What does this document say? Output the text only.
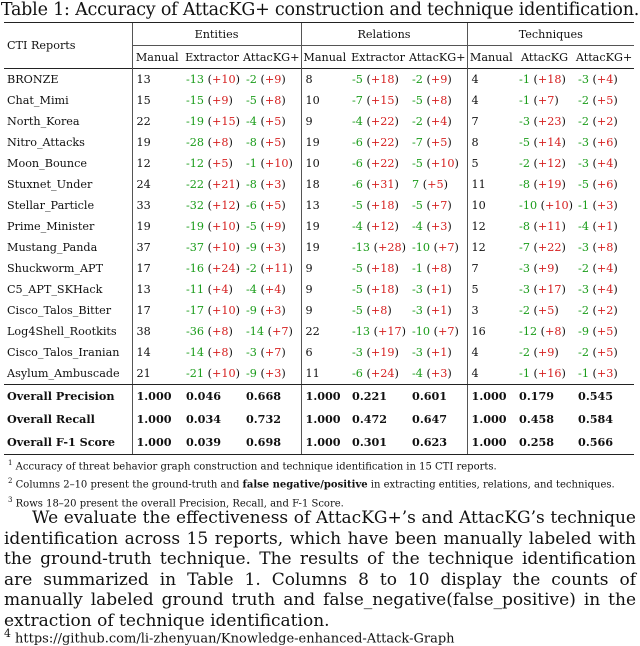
Table 1: Accuracy of AttacKG+ construction and technique identification.
CTI Reports	Entities			Relations			Techniques		
	Manual	Extractor	AttacKG+	Manual	Extractor	AttacKG+	Manual	AttacKG	AttacKG+
BRONZE	13	-13 (+10)	-2 (+9)	8	-5 (+18)	-2 (+9)	4	-1 (+18)	-3 (+4)
Chat_Mimi	15	-15 (+9)	-5 (+8)	10	-7 (+15)	-5 (+8)	4	-1 (+7)	-2 (+5)
North_Korea	22	-19 (+15)	-4 (+5)	9	-4 (+22)	-2 (+4)	7	-3 (+23)	-2 (+2)
Nitro_Attacks	19	-28 (+8)	-8 (+5)	19	-6 (+22)	-7 (+5)	8	-5 (+14)	-3 (+6)
Moon_Bounce	12	-12 (+5)	-1 (+10)	10	-6 (+22)	-5 (+10)	5	-2 (+12)	-3 (+4)
Stuxnet_Under	24	-22 (+21)	-8 (+3)	18	-6 (+31)	7 (+5)	11	-8 (+19)	-5 (+6)
Stellar_Particle	33	-32 (+12)	-6 (+5)	13	-5 (+18)	-5 (+7)	10	-10 (+10)	-1 (+3)
Prime_Minister	19	-19 (+10)	-5 (+9)	19	-4 (+12)	-4 (+3)	12	-8 (+11)	-4 (+1)
Mustang_Panda	37	-37 (+10)	-9 (+3)	19	-13 (+28)	-10 (+7)	12	-7 (+22)	-3 (+8)
Shuckworm_APT	17	-16 (+24)	-2 (+11)	9	-5 (+18)	-1 (+8)	7	-3 (+9)	-2 (+4)
C5_APT_SKHack	13	-11 (+4)	-4 (+4)	9	-5 (+18)	-3 (+1)	5	-3 (+17)	-3 (+4)
Cisco_Talos_Bitter	17	-17 (+10)	-9 (+3)	9	-5 (+8)	-3 (+1)	3	-2 (+5)	-2 (+2)
Log4Shell_Rootkits	38	-36 (+8)	-14 (+7)	22	-13 (+17)	-10 (+7)	16	-12 (+8)	-9 (+5)
Cisco_Talos_Iranian	14	-14 (+8)	-3 (+7)	6	-3 (+19)	-3 (+1)	4	-2 (+9)	-2 (+5)
Asylum_Ambuscade	21	-21 (+10)	-9 (+3)	11	-6 (+24)	-4 (+3)	4	-1 (+16)	-1 (+3)
Overall Precision	1.000	0.046	0.668	1.000	0.221	0.601	1.000	0.179	0.545
Overall Recall	1.000	0.034	0.732	1.000	0.472	0.647	1.000	0.458	0.584
Overall F-1 Score	1.000	0.039	0.698	1.000	0.301	0.623	1.000	0.258	0.566
$^1$ Accuracy of threat behavior graph construction and technique identification in 15 CTI reports.
$^2$ Columns 2–10 present the ground-truth and false negative/positive in extracting entities, relations, and techniques.
$^3$ Rows 18–20 present the overall Precision, Recall, and F-1 Score.

We evaluate the effectiveness of AttacKG+’s and AttacKG’s technique identification across 15 reports, which have been manually labeled with the ground-truth technique. The results of the technique identification are summarized in Table 1. Columns 8 to 10 display the counts of manually labeled ground truth and false_negative(false_positive) in the extraction of technique identification.

$^4$ https://github.com/li-zhenyuan/Knowledge-enhanced-Attack-Graph
